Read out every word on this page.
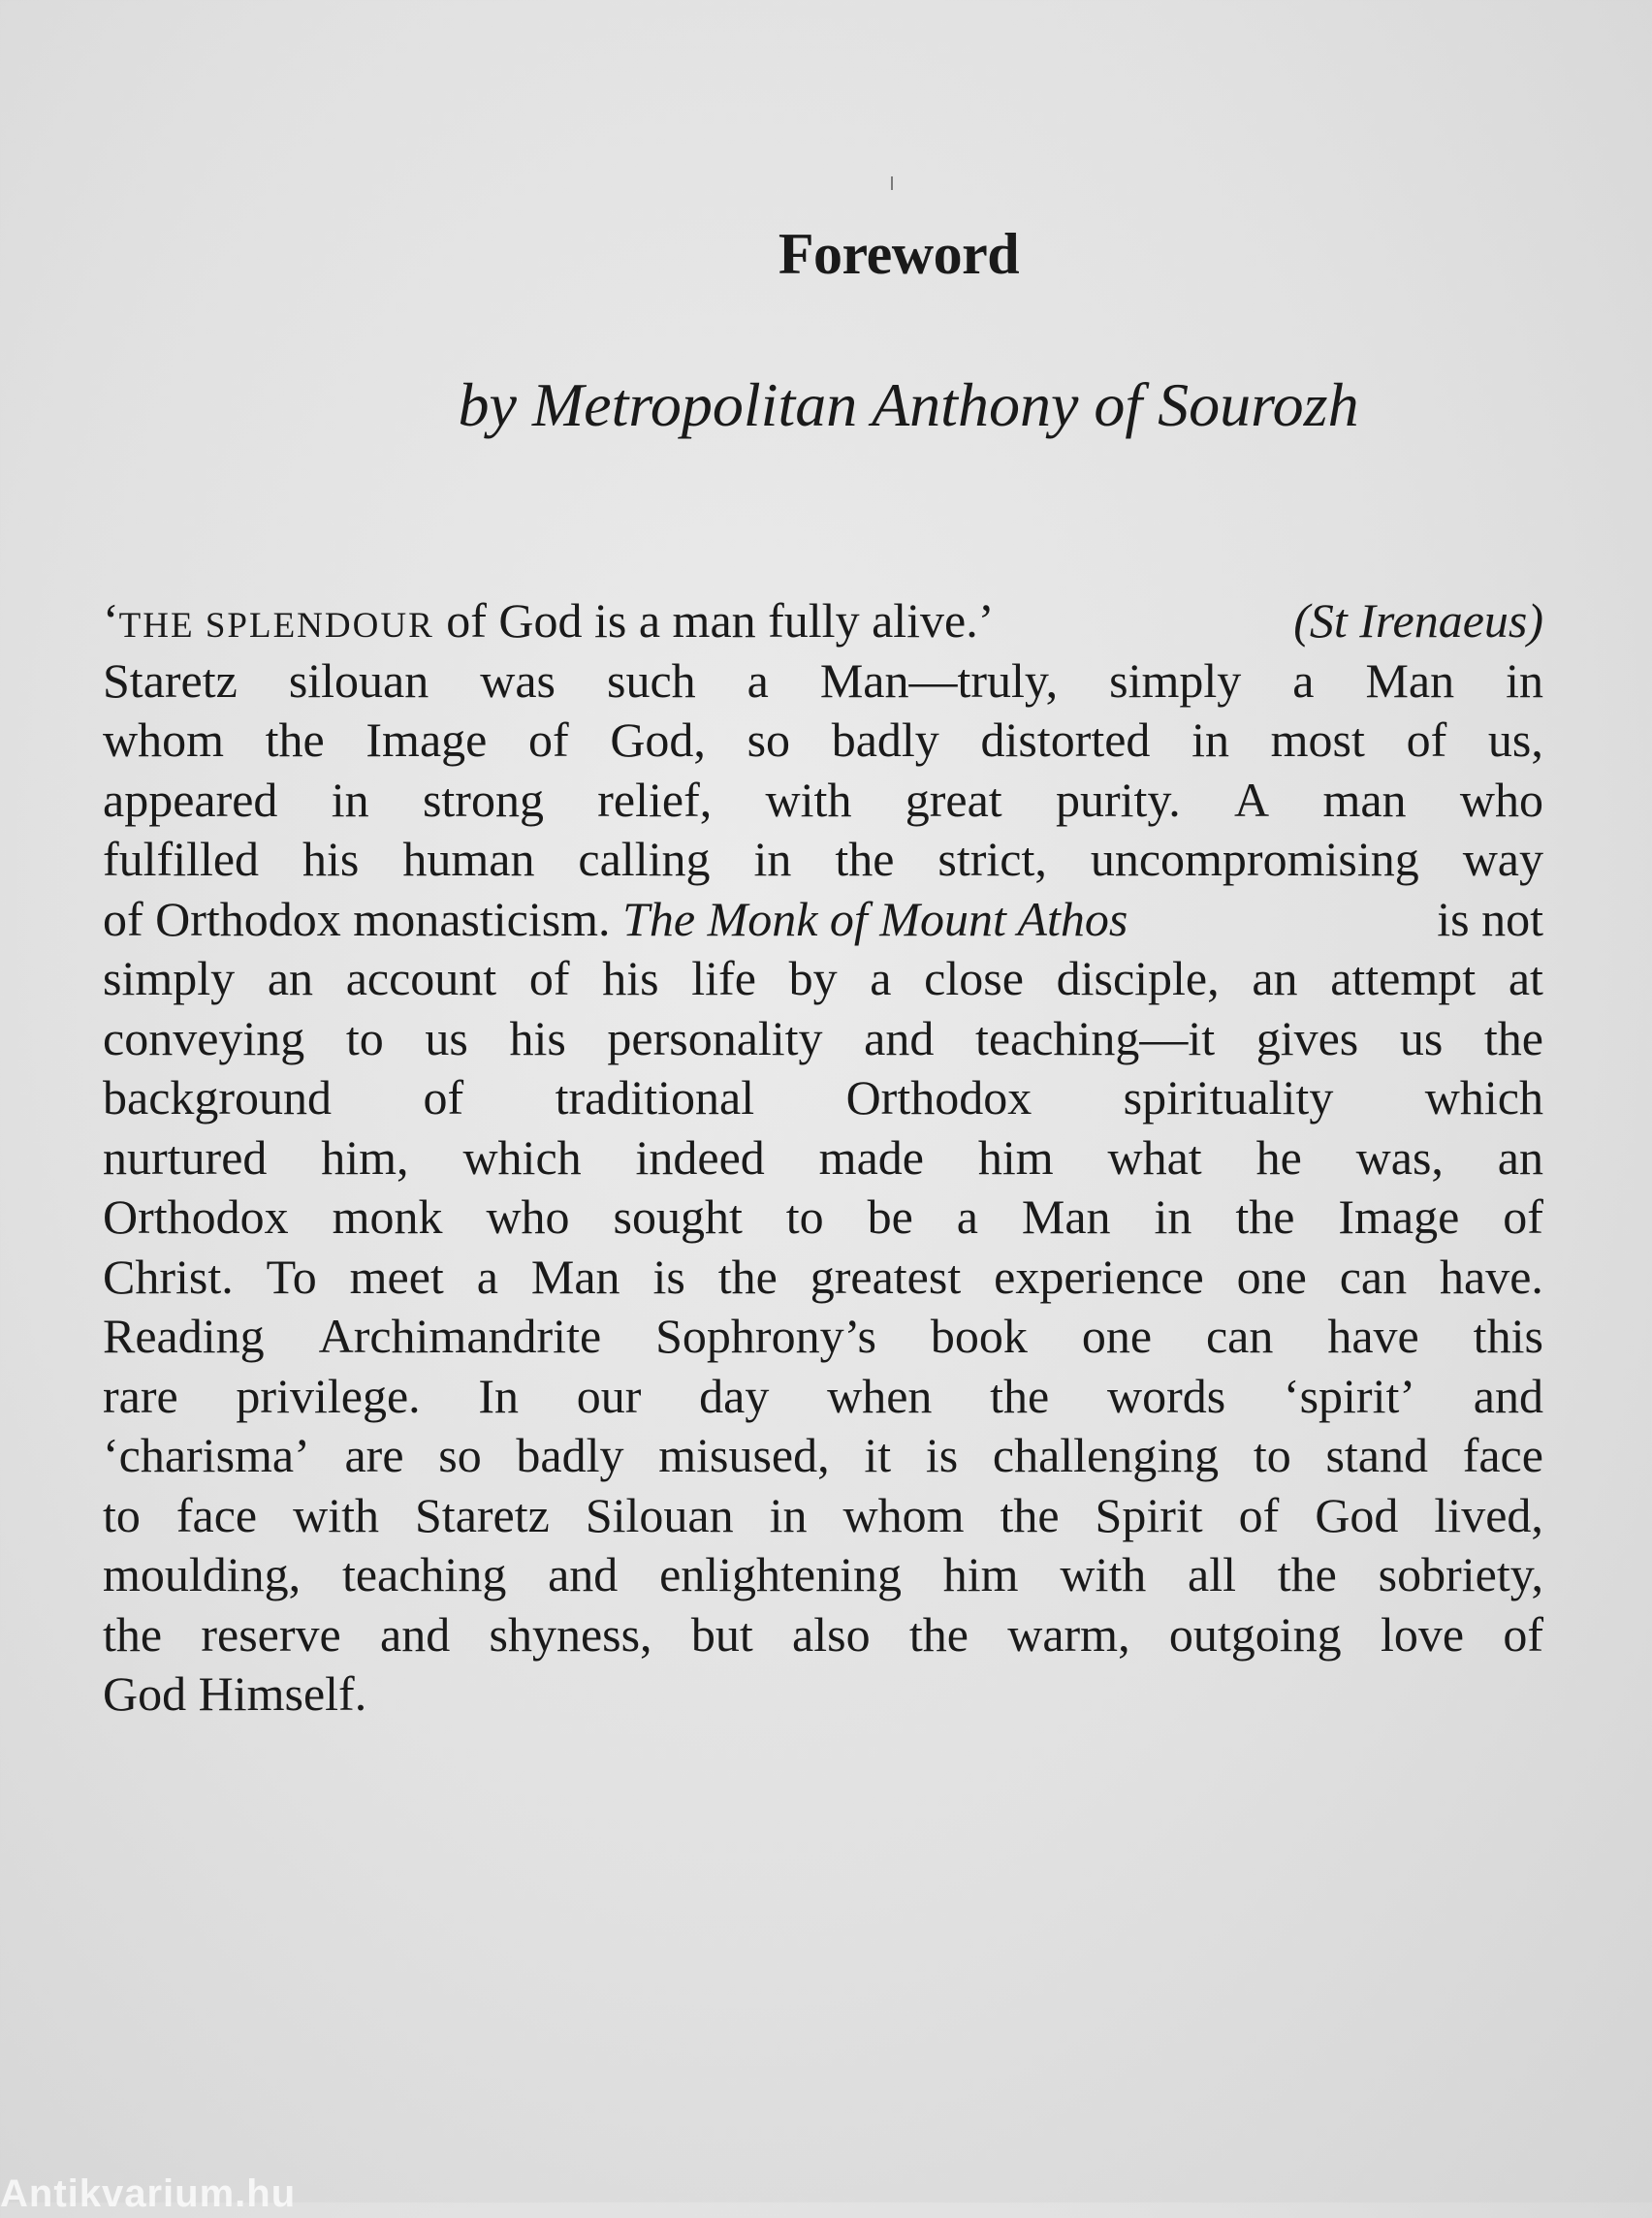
Foreword
by Metropolitan Anthony of Sourozh
‘THE SPLENDOUR of God is a man fully alive.’	(St Irenaeus)
Staretz silouan was such a Man—truly, simply a Man in
whom the Image of God, so badly distorted in most of us,
appeared in strong relief, with great purity. A man who
fulfilled his human calling in the strict, uncompromising way
of Orthodox monasticism. The Monk of Mount Athos	is not
simply an account of his life by a close disciple, an attempt at
conveying to us his personality and teaching—it gives us the
background of traditional Orthodox spirituality which
nurtured him, which indeed made him what he was, an
Orthodox monk who sought to be a Man in the Image of
Christ. To meet a Man is the greatest experience one can have.
Reading Archimandrite Sophrony’s book one can have this
rare privilege. In our day when the words ‘spirit’ and
‘charisma’ are so badly misused, it is challenging to stand face
to face with Staretz Silouan in whom the Spirit of God lived,
moulding, teaching and enlightening him with all the sobriety,
the reserve and shyness, but also the warm, outgoing love of
God Himself.
Antikvarium.hu
